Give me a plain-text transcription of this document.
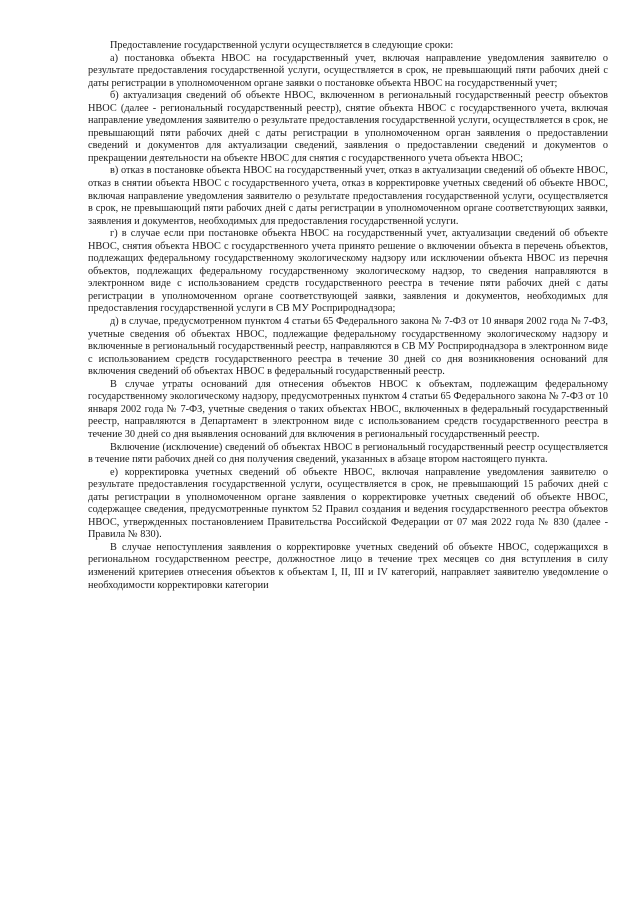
Предоставление государственной услуги осуществляется в следующие сроки:

а) постановка объекта НВОС на государственный учет, включая направление уведомления заявителю о результате предоставления государственной услуги, осуществляется в срок, не превышающий пяти рабочих дней с даты регистрации в уполномоченном органе заявки о постановке объекта НВОС на государственный учет;

б) актуализация сведений об объекте НВОС, включенном в региональный государственный реестр объектов НВОС (далее - региональный государственный реестр), снятие объекта НВОС с государственного учета, включая направление уведомления заявителю о результате предоставления государственной услуги, осуществляется в срок, не превышающий пяти рабочих дней с даты регистрации в уполномоченном орган заявления о предоставлении сведений и документов для актуализации сведений, заявления о предоставлении сведений и документов о прекращении деятельности на объекте НВОС для снятия с государственного учета объекта НВОС;

в) отказ в постановке объекта НВОС на государственный учет, отказ в актуализации сведений об объекте НВОС, отказ в снятии объекта НВОС с государственного учета, отказ в корректировке учетных сведений об объекте НВОС, включая направление уведомления заявителю о результате предоставления государственной услуги, осуществляется в срок, не превышающий пяти рабочих дней с даты регистрации в уполномоченном органе соответствующих заявки, заявления и документов, необходимых для предоставления государственной услуги.

г) в случае если при постановке объекта НВОС на государственный учет, актуализации сведений об объекте НВОС, снятия объекта НВОС с государственного учета принято решение о включении объекта в перечень объектов, подлежащих федеральному государственному экологическому надзору или исключении объекта НВОС из перечня объектов, подлежащих федеральному государственному экологическому надзор, то сведения направляются в электронном виде с использованием средств государственного реестра в течение пяти рабочих дней с даты регистрации в уполномоченном органе соответствующей заявки, заявления и документов, необходимых для предоставления государственной услуги в СВ МУ Росприроднадзора;

д) в случае, предусмотренном пунктом 4 статьи 65 Федерального закона № 7-ФЗ от 10 января 2002 года № 7-ФЗ, учетные сведения об объектах НВОС, подлежащие федеральному государственному экологическому надзору и включенные в региональный государственный реестр, направляются в СВ МУ Росприроднадзора в электронном виде с использованием средств государственного реестра в течение 30 дней со дня возникновения оснований для включения сведений об объектах НВОС в федеральный государственный реестр.

В случае утраты оснований для отнесения объектов НВОС к объектам, подлежащим федеральному государственному экологическому надзору, предусмотренных пунктом 4 статьи 65 Федерального закона № 7-ФЗ от 10 января 2002 года № 7-ФЗ, учетные сведения о таких объектах НВОС, включенных в федеральный государственный реестр, направляются в Департамент в электронном виде с использованием средств государственного реестра в течение 30 дней со дня выявления оснований для включения в региональный государственный реестр.

Включение (исключение) сведений об объектах НВОС в региональный государственный реестр осуществляется в течение пяти рабочих дней со дня получения сведений, указанных в абзаце втором настоящего пункта.

е) корректировка учетных сведений об объекте НВОС, включая направление уведомления заявителю о результате предоставления государственной услуги, осуществляется в срок, не превышающий 15 рабочих дней с даты регистрации в уполномоченном органе заявления о корректировке учетных сведений об объекте НВОС, содержащее сведения, предусмотренные пунктом 52 Правил создания и ведения государственного реестра объектов НВОС, утвержденных постановлением Правительства Российской Федерации от 07 мая 2022 года № 830 (далее - Правила № 830).

В случае непоступления заявления о корректировке учетных сведений об объекте НВОС, содержащихся в региональном государственном реестре, должностное лицо в течение трех месяцев со дня вступления в силу изменений критериев отнесения объектов к объектам I, II, III и IV категорий, направляет заявителю уведомление о необходимости корректировки категории
